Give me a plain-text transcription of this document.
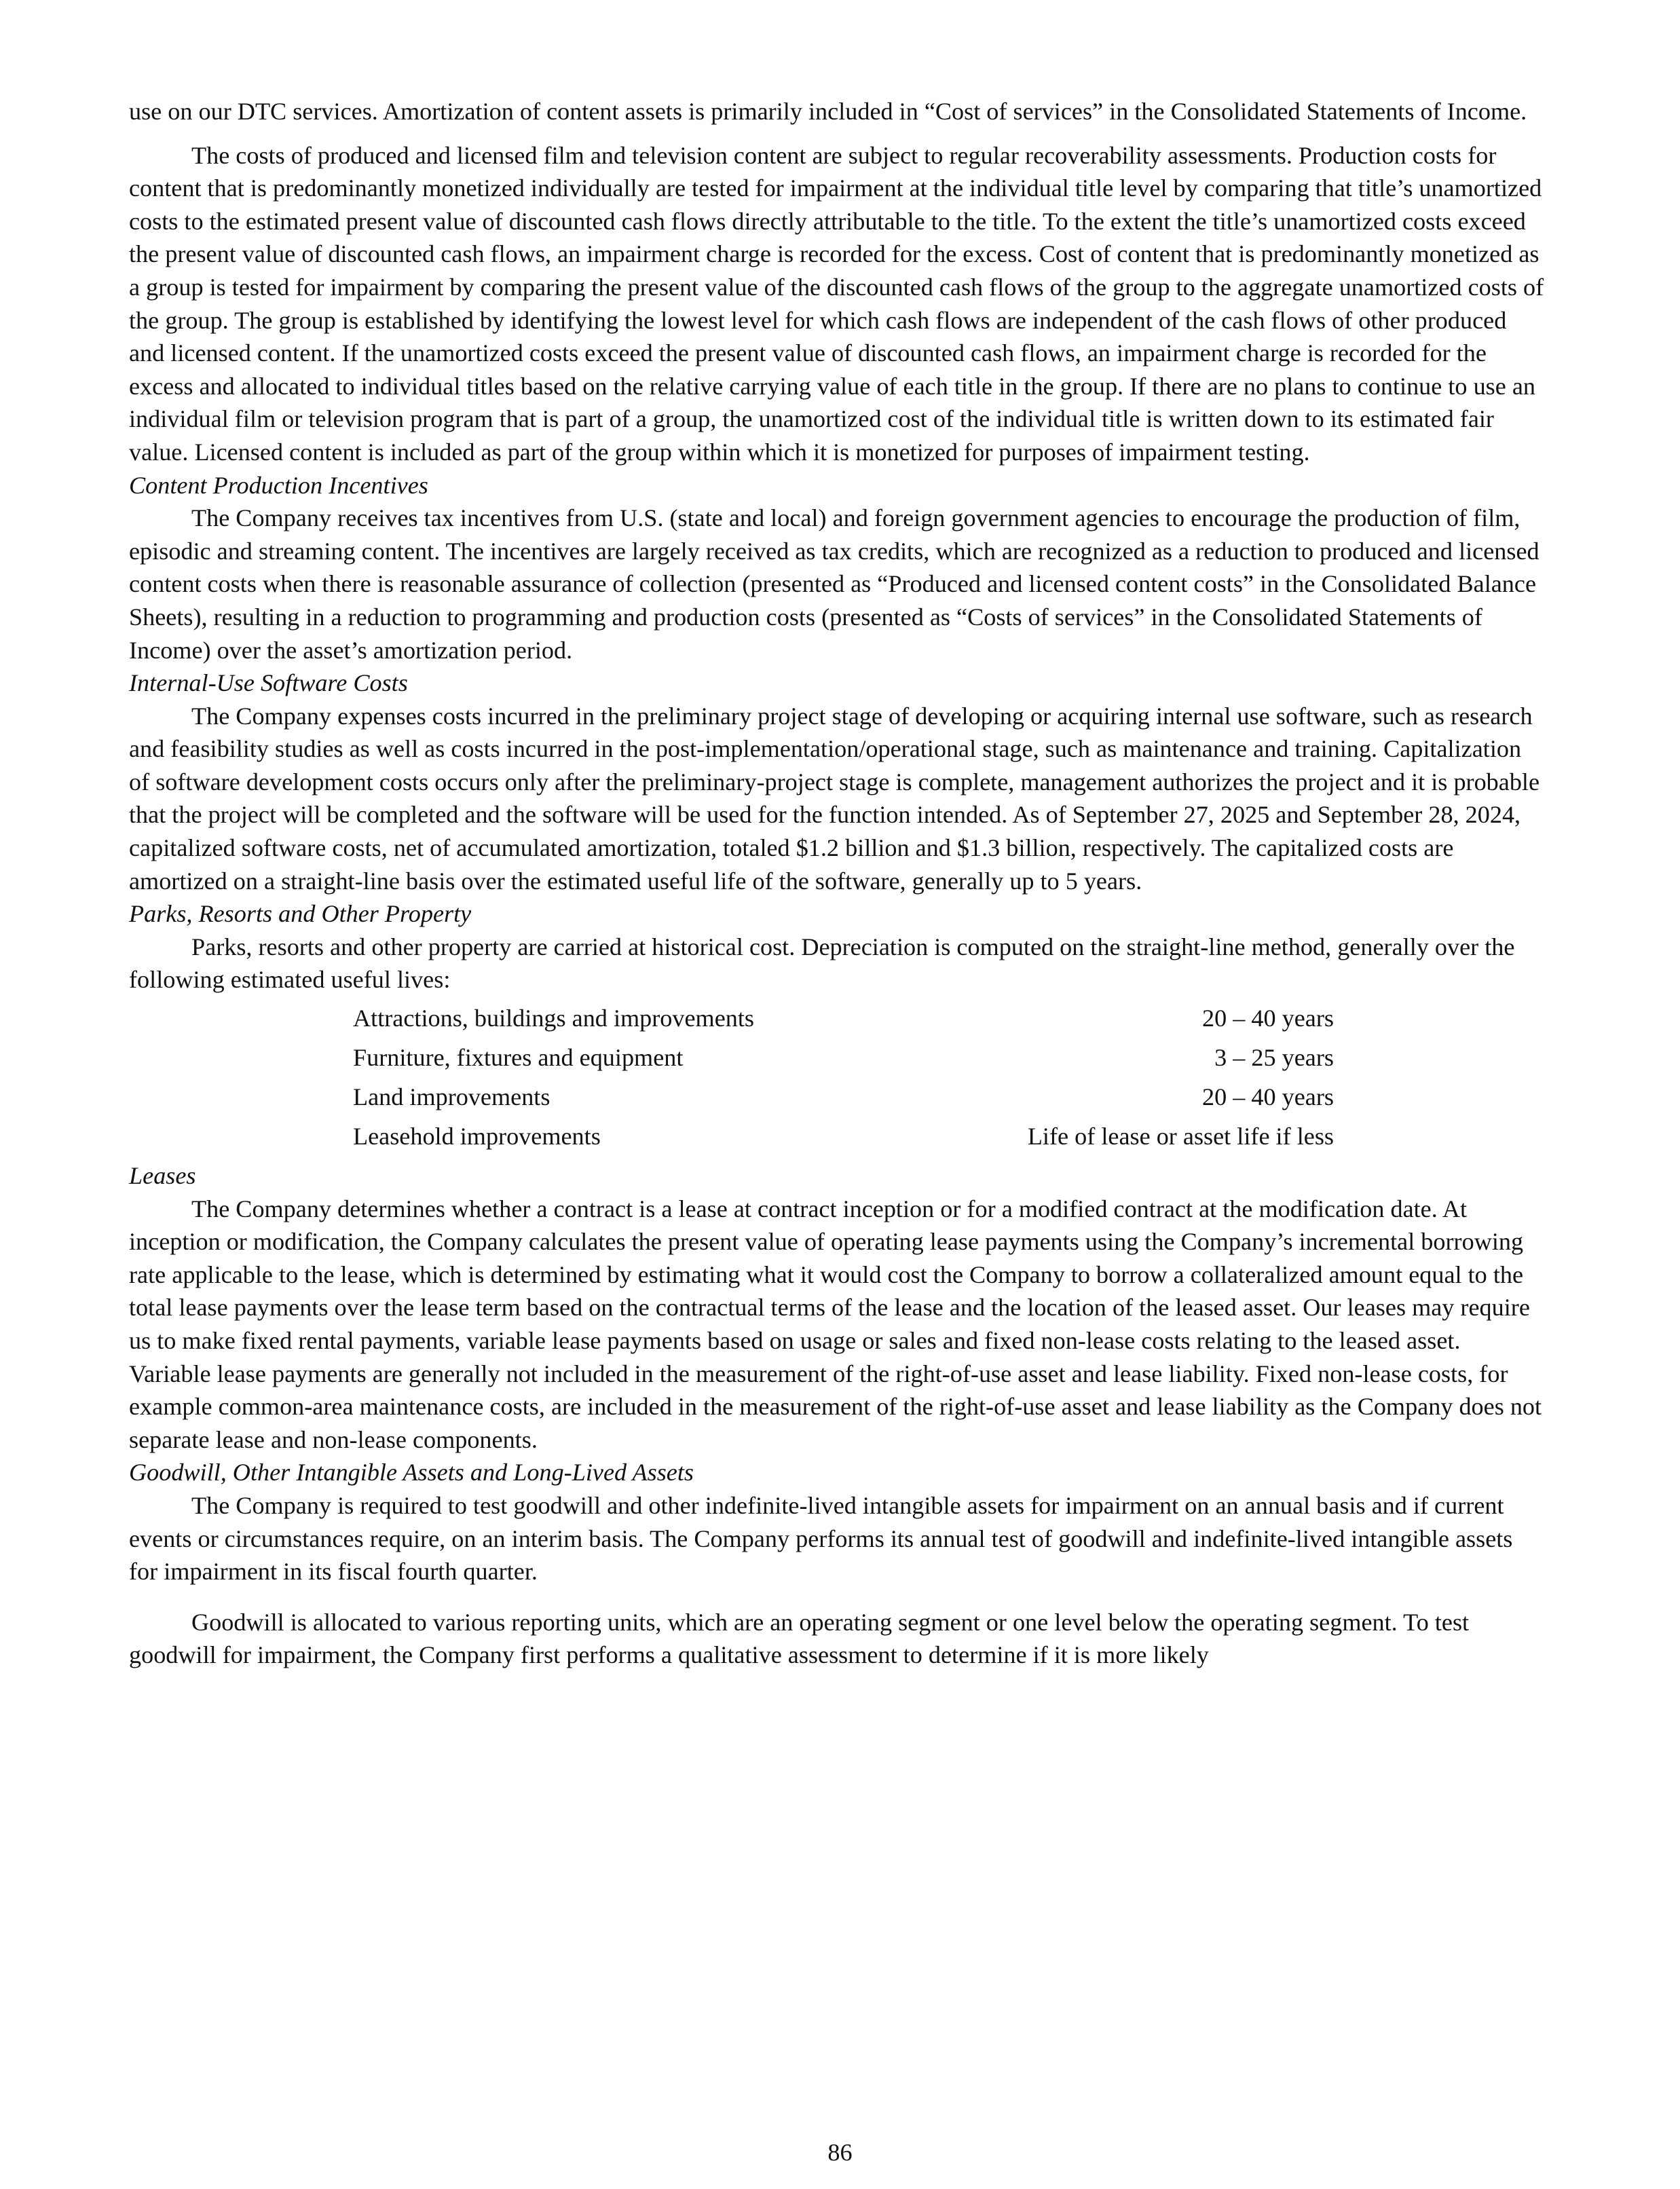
use on our DTC services. Amortization of content assets is primarily included in “Cost of services” in the Consolidated Statements of Income.

The costs of produced and licensed film and television content are subject to regular recoverability assessments. Production costs for content that is predominantly monetized individually are tested for impairment at the individual title level by comparing that title’s unamortized costs to the estimated present value of discounted cash flows directly attributable to the title. To the extent the title’s unamortized costs exceed the present value of discounted cash flows, an impairment charge is recorded for the excess. Cost of content that is predominantly monetized as a group is tested for impairment by comparing the present value of the discounted cash flows of the group to the aggregate unamortized costs of the group. The group is established by identifying the lowest level for which cash flows are independent of the cash flows of other produced and licensed content. If the unamortized costs exceed the present value of discounted cash flows, an impairment charge is recorded for the excess and allocated to individual titles based on the relative carrying value of each title in the group. If there are no plans to continue to use an individual film or television program that is part of a group, the unamortized cost of the individual title is written down to its estimated fair value. Licensed content is included as part of the group within which it is monetized for purposes of impairment testing.

Content Production Incentives

The Company receives tax incentives from U.S. (state and local) and foreign government agencies to encourage the production of film, episodic and streaming content. The incentives are largely received as tax credits, which are recognized as a reduction to produced and licensed content costs when there is reasonable assurance of collection (presented as “Produced and licensed content costs” in the Consolidated Balance Sheets), resulting in a reduction to programming and production costs (presented as “Costs of services” in the Consolidated Statements of Income) over the asset’s amortization period.

Internal-Use Software Costs

The Company expenses costs incurred in the preliminary project stage of developing or acquiring internal use software, such as research and feasibility studies as well as costs incurred in the post-implementation/operational stage, such as maintenance and training. Capitalization of software development costs occurs only after the preliminary-project stage is complete, management authorizes the project and it is probable that the project will be completed and the software will be used for the function intended. As of September 27, 2025 and September 28, 2024, capitalized software costs, net of accumulated amortization, totaled $1.2 billion and $1.3 billion, respectively. The capitalized costs are amortized on a straight-line basis over the estimated useful life of the software, generally up to 5 years.

Parks, Resorts and Other Property

Parks, resorts and other property are carried at historical cost. Depreciation is computed on the straight-line method, generally over the following estimated useful lives:

Attractions, buildings and improvements	20 – 40 years
Furniture, fixtures and equipment	3 – 25 years
Land improvements	20 – 40 years
Leasehold improvements	Life of lease or asset life if less

Leases

The Company determines whether a contract is a lease at contract inception or for a modified contract at the modification date. At inception or modification, the Company calculates the present value of operating lease payments using the Company’s incremental borrowing rate applicable to the lease, which is determined by estimating what it would cost the Company to borrow a collateralized amount equal to the total lease payments over the lease term based on the contractual terms of the lease and the location of the leased asset. Our leases may require us to make fixed rental payments, variable lease payments based on usage or sales and fixed non-lease costs relating to the leased asset. Variable lease payments are generally not included in the measurement of the right-of-use asset and lease liability. Fixed non-lease costs, for example common-area maintenance costs, are included in the measurement of the right-of-use asset and lease liability as the Company does not separate lease and non-lease components.

Goodwill, Other Intangible Assets and Long-Lived Assets

The Company is required to test goodwill and other indefinite-lived intangible assets for impairment on an annual basis and if current events or circumstances require, on an interim basis. The Company performs its annual test of goodwill and indefinite-lived intangible assets for impairment in its fiscal fourth quarter.

Goodwill is allocated to various reporting units, which are an operating segment or one level below the operating segment. To test goodwill for impairment, the Company first performs a qualitative assessment to determine if it is more likely

86
